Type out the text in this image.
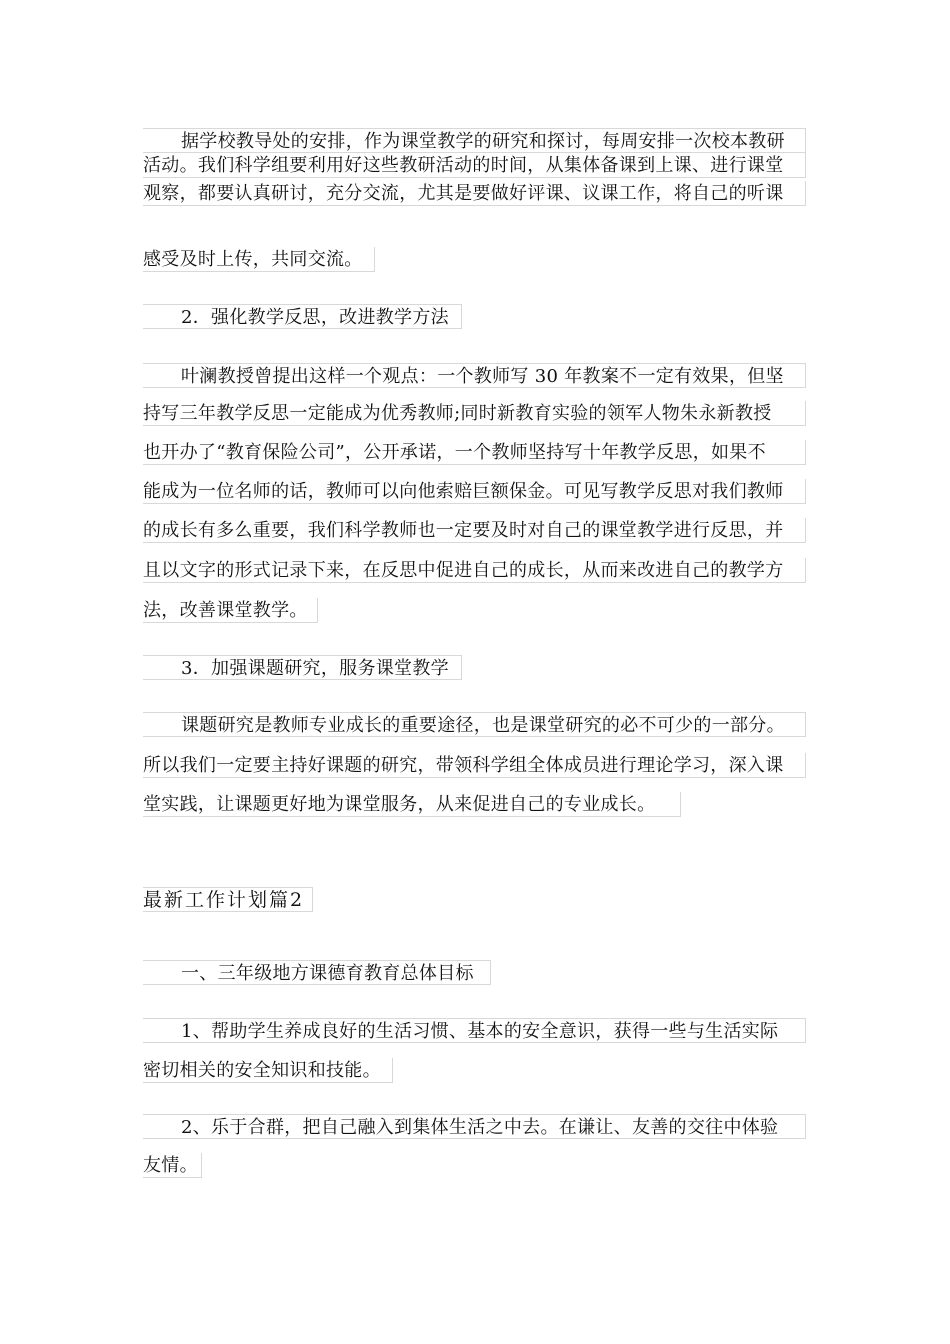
据学校教导处的安排，作为课堂教学的研究和探讨，每周安排一次校本教研
活动。我们科学组要利用好这些教研活动的时间，从集体备课到上课、进行课堂
观察，都要认真研讨，充分交流，尤其是要做好评课、议课工作，将自己的听课
感受及时上传，共同交流。
2．强化教学反思，改进教学方法
叶澜教授曾提出这样一个观点：一个教师写 30 年教案不一定有效果，但坚
持写三年教学反思一定能成为优秀教师;同时新教育实验的领军人物朱永新教授
也开办了“教育保险公司”，公开承诺，一个教师坚持写十年教学反思，如果不
能成为一位名师的话，教师可以向他索赔巨额保金。可见写教学反思对我们教师
的成长有多么重要，我们科学教师也一定要及时对自己的课堂教学进行反思，并
且以文字的形式记录下来，在反思中促进自己的成长，从而来改进自己的教学方
法，改善课堂教学。
3．加强课题研究，服务课堂教学
课题研究是教师专业成长的重要途径，也是课堂研究的必不可少的一部分。
所以我们一定要主持好课题的研究，带领科学组全体成员进行理论学习，深入课
堂实践，让课题更好地为课堂服务，从来促进自己的专业成长。
最新工作计划篇2
一、三年级地方课德育教育总体目标
1、帮助学生养成良好的生活习惯、基本的安全意识，获得一些与生活实际
密切相关的安全知识和技能。
2、乐于合群，把自己融入到集体生活之中去。在谦让、友善的交往中体验
友情。
